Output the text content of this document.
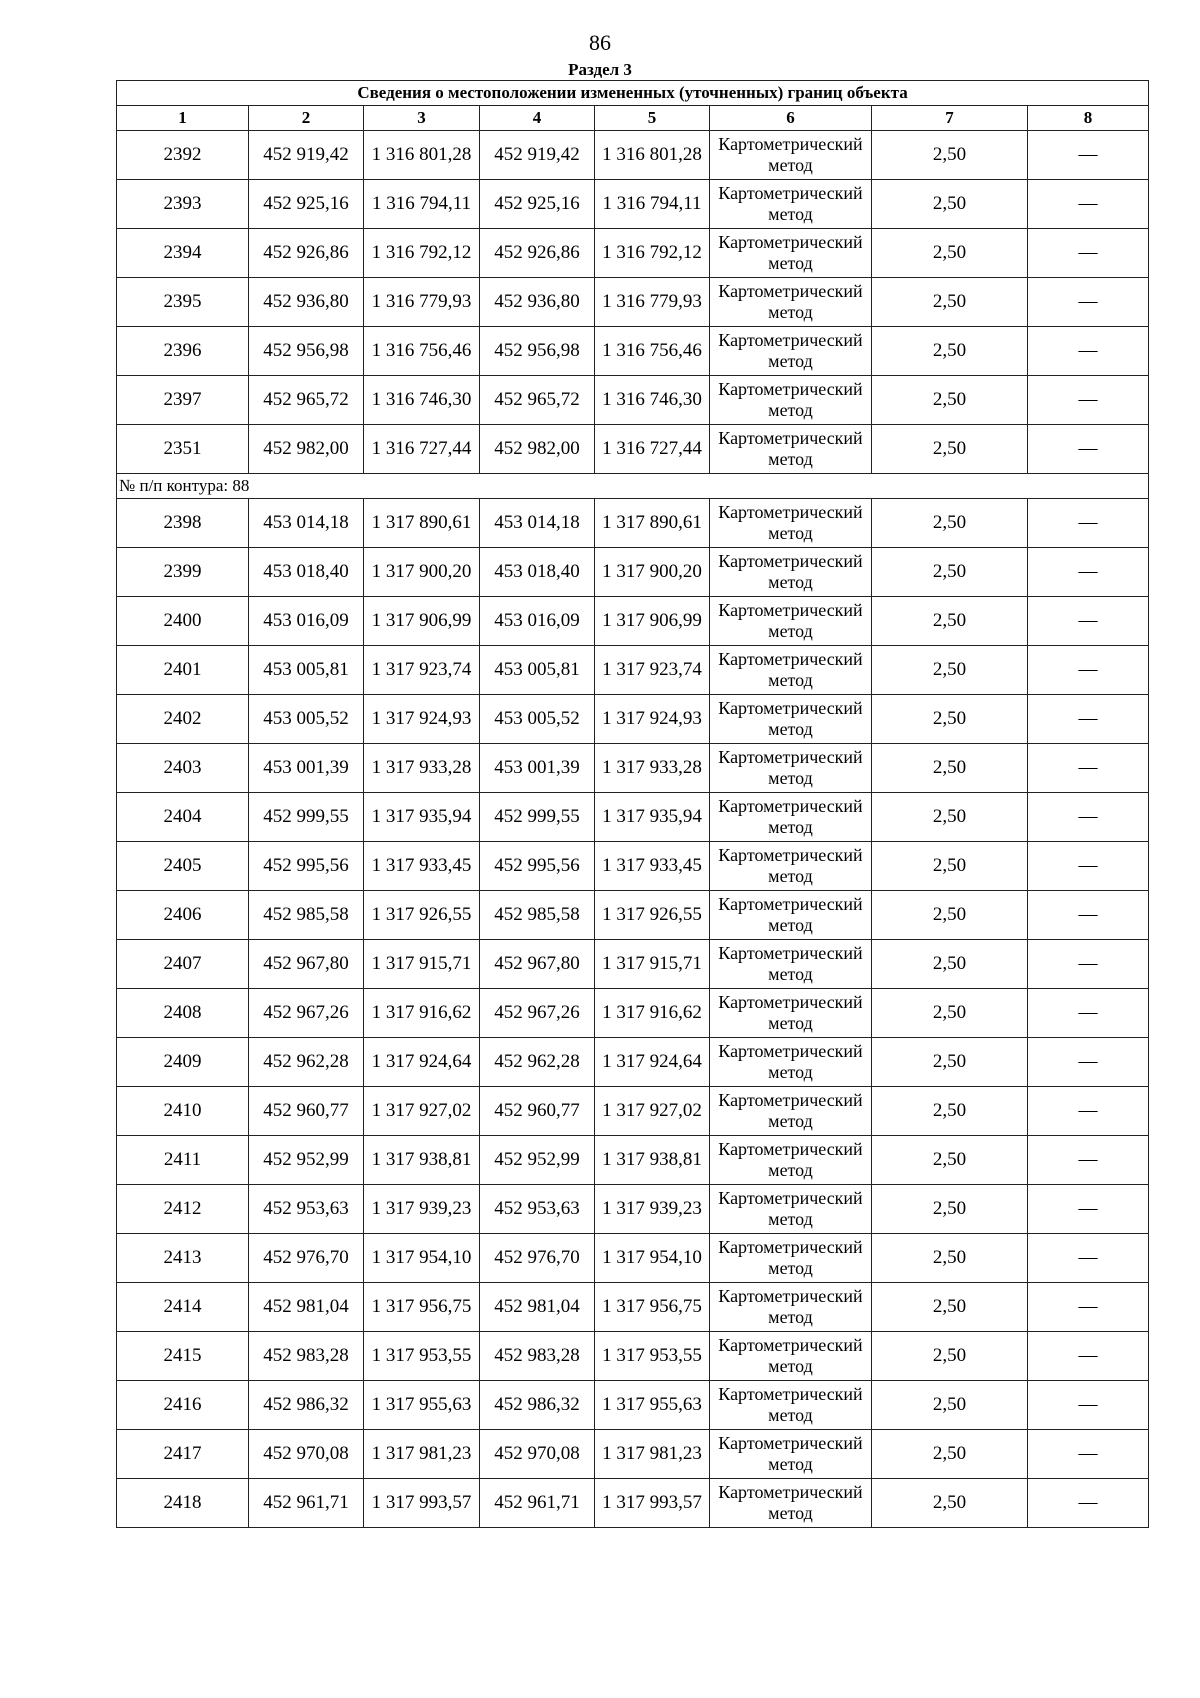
86
Раздел 3
Сведения о местоположении измененных (уточненных) границ объекта							
1	2	3	4	5	6	7	8
2392	452 919,42	1 316 801,28	452 919,42	1 316 801,28	Картометрический метод	2,50	—
2393	452 925,16	1 316 794,11	452 925,16	1 316 794,11	Картометрический метод	2,50	—
2394	452 926,86	1 316 792,12	452 926,86	1 316 792,12	Картометрический метод	2,50	—
2395	452 936,80	1 316 779,93	452 936,80	1 316 779,93	Картометрический метод	2,50	—
2396	452 956,98	1 316 756,46	452 956,98	1 316 756,46	Картометрический метод	2,50	—
2397	452 965,72	1 316 746,30	452 965,72	1 316 746,30	Картометрический метод	2,50	—
2351	452 982,00	1 316 727,44	452 982,00	1 316 727,44	Картометрический метод	2,50	—
№ п/п контура: 88							
2398	453 014,18	1 317 890,61	453 014,18	1 317 890,61	Картометрический метод	2,50	—
2399	453 018,40	1 317 900,20	453 018,40	1 317 900,20	Картометрический метод	2,50	—
2400	453 016,09	1 317 906,99	453 016,09	1 317 906,99	Картометрический метод	2,50	—
2401	453 005,81	1 317 923,74	453 005,81	1 317 923,74	Картометрический метод	2,50	—
2402	453 005,52	1 317 924,93	453 005,52	1 317 924,93	Картометрический метод	2,50	—
2403	453 001,39	1 317 933,28	453 001,39	1 317 933,28	Картометрический метод	2,50	—
2404	452 999,55	1 317 935,94	452 999,55	1 317 935,94	Картометрический метод	2,50	—
2405	452 995,56	1 317 933,45	452 995,56	1 317 933,45	Картометрический метод	2,50	—
2406	452 985,58	1 317 926,55	452 985,58	1 317 926,55	Картометрический метод	2,50	—
2407	452 967,80	1 317 915,71	452 967,80	1 317 915,71	Картометрический метод	2,50	—
2408	452 967,26	1 317 916,62	452 967,26	1 317 916,62	Картометрический метод	2,50	—
2409	452 962,28	1 317 924,64	452 962,28	1 317 924,64	Картометрический метод	2,50	—
2410	452 960,77	1 317 927,02	452 960,77	1 317 927,02	Картометрический метод	2,50	—
2411	452 952,99	1 317 938,81	452 952,99	1 317 938,81	Картометрический метод	2,50	—
2412	452 953,63	1 317 939,23	452 953,63	1 317 939,23	Картометрический метод	2,50	—
2413	452 976,70	1 317 954,10	452 976,70	1 317 954,10	Картометрический метод	2,50	—
2414	452 981,04	1 317 956,75	452 981,04	1 317 956,75	Картометрический метод	2,50	—
2415	452 983,28	1 317 953,55	452 983,28	1 317 953,55	Картометрический метод	2,50	—
2416	452 986,32	1 317 955,63	452 986,32	1 317 955,63	Картометрический метод	2,50	—
2417	452 970,08	1 317 981,23	452 970,08	1 317 981,23	Картометрический метод	2,50	—
2418	452 961,71	1 317 993,57	452 961,71	1 317 993,57	Картометрический метод	2,50	—
